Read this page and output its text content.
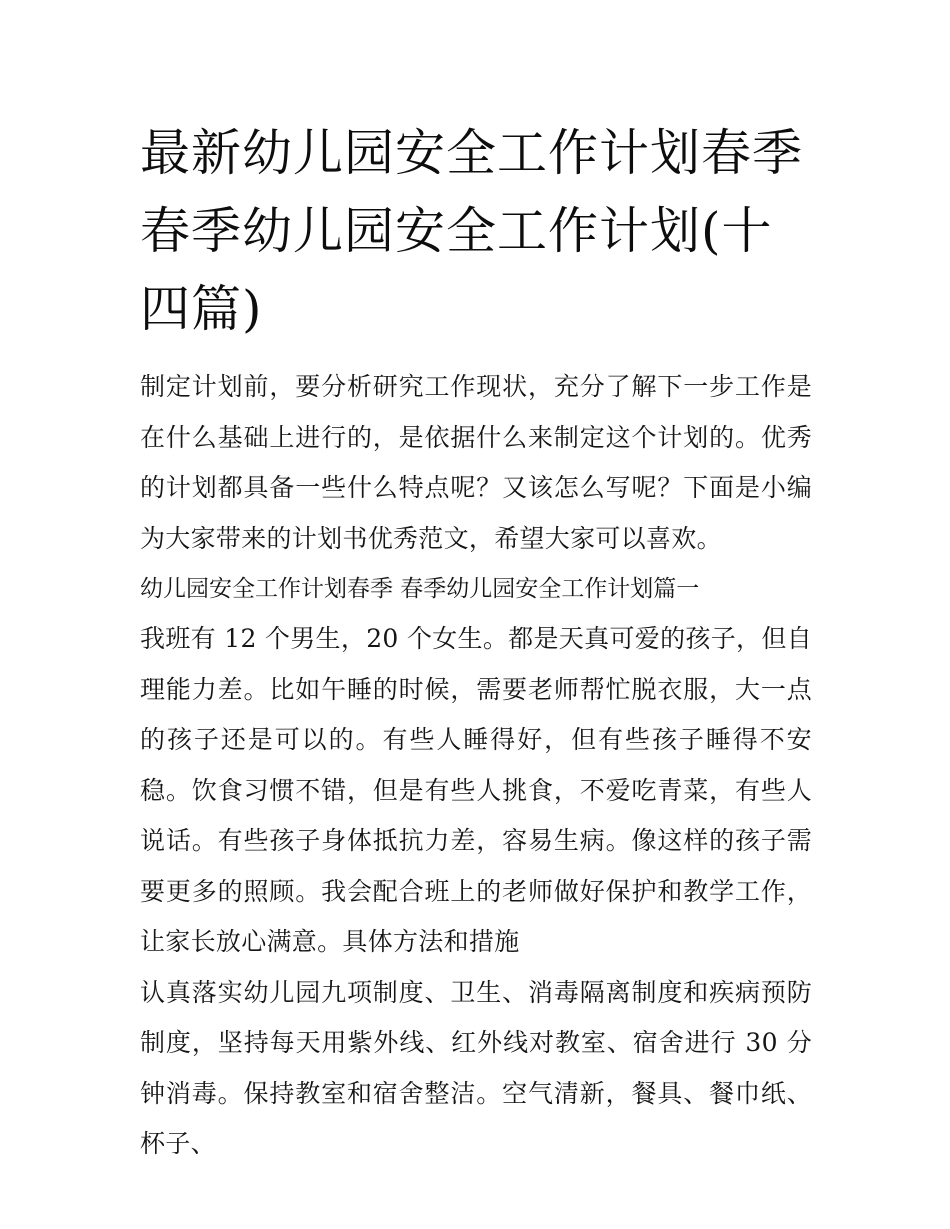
最新幼儿园安全工作计划春季 春季幼儿园安全工作计划(十四篇)

制定计划前，要分析研究工作现状，充分了解下一步工作是在什么基础上进行的，是依据什么来制定这个计划的。优秀的计划都具备一些什么特点呢？又该怎么写呢？下面是小编为大家带来的计划书优秀范文，希望大家可以喜欢。

幼儿园安全工作计划春季 春季幼儿园安全工作计划篇一

我班有 12 个男生，20 个女生。都是天真可爱的孩子，但自理能力差。比如午睡的时候，需要老师帮忙脱衣服，大一点的孩子还是可以的。有些人睡得好，但有些孩子睡得不安稳。饮食习惯不错，但是有些人挑食，不爱吃青菜，有些人说话。有些孩子身体抵抗力差，容易生病。像这样的孩子需要更多的照顾。我会配合班上的老师做好保护和教学工作，让家长放心满意。具体方法和措施

认真落实幼儿园九项制度、卫生、消毒隔离制度和疾病预防制度，坚持每天用紫外线、红外线对教室、宿舍进行 30 分钟消毒。保持教室和宿舍整洁。空气清新，餐具、餐巾纸、杯子、
